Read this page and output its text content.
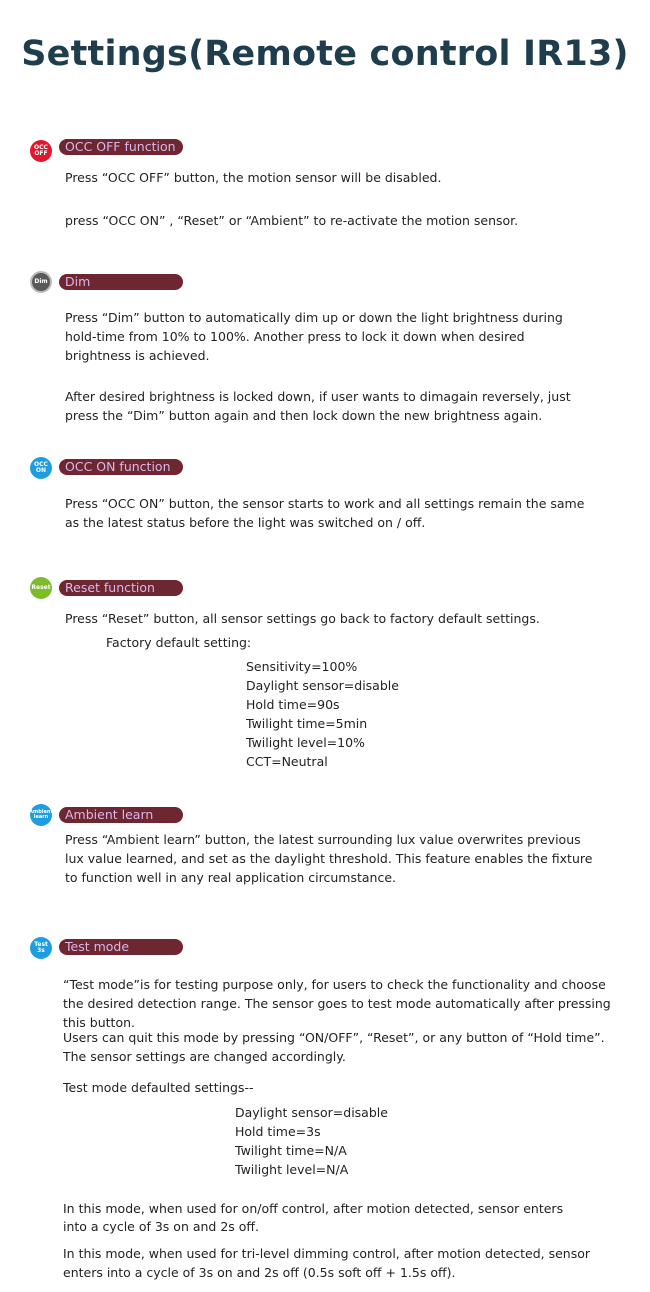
Settings(Remote control IR13)
OCC
OFF	OCC OFF function
Press “OCC OFF” button, the motion sensor will be disabled.
press “OCC ON” , “Reset” or “Ambient” to re-activate the motion sensor.
Dim	Dim
Press “Dim” button to automatically dim up or down the light brightness during
hold-time from 10% to 100%. Another press to lock it down when desired
brightness is achieved.
After desired brightness is locked down, if user wants to dimagain reversely, just
press the “Dim” button again and then lock down the new brightness again.
OCC
ON	OCC ON function
Press “OCC ON” button, the sensor starts to work and all settings remain the same
as the latest status before the light was switched on / off.
Reset	Reset function
Press “Reset” button, all sensor settings go back to factory default settings.
Factory default setting:
Sensitivity=100%
Daylight sensor=disable
Hold time=90s
Twilight time=5min
Twilight level=10%
CCT=Neutral
Ambient
learn	Ambient learn
Press “Ambient learn” button, the latest surrounding lux value overwrites previous
lux value learned, and set as the daylight threshold. This feature enables the fixture
to function well in any real application circumstance.
Test
3s	Test mode
“Test mode”is for testing purpose only, for users to check the functionality and choose
the desired detection range. The sensor goes to test mode automatically after pressing
this button.
Users can quit this mode by pressing “ON/OFF”, “Reset”, or any button of “Hold time”.
The sensor settings are changed accordingly.
Test mode defaulted settings--
Daylight sensor=disable
Hold time=3s
Twilight time=N/A
Twilight level=N/A
In this mode, when used for on/off control, after motion detected, sensor enters
into a cycle of 3s on and 2s off.
In this mode, when used for tri-level dimming control, after motion detected, sensor
enters into a cycle of 3s on and 2s off (0.5s soft off + 1.5s off).
